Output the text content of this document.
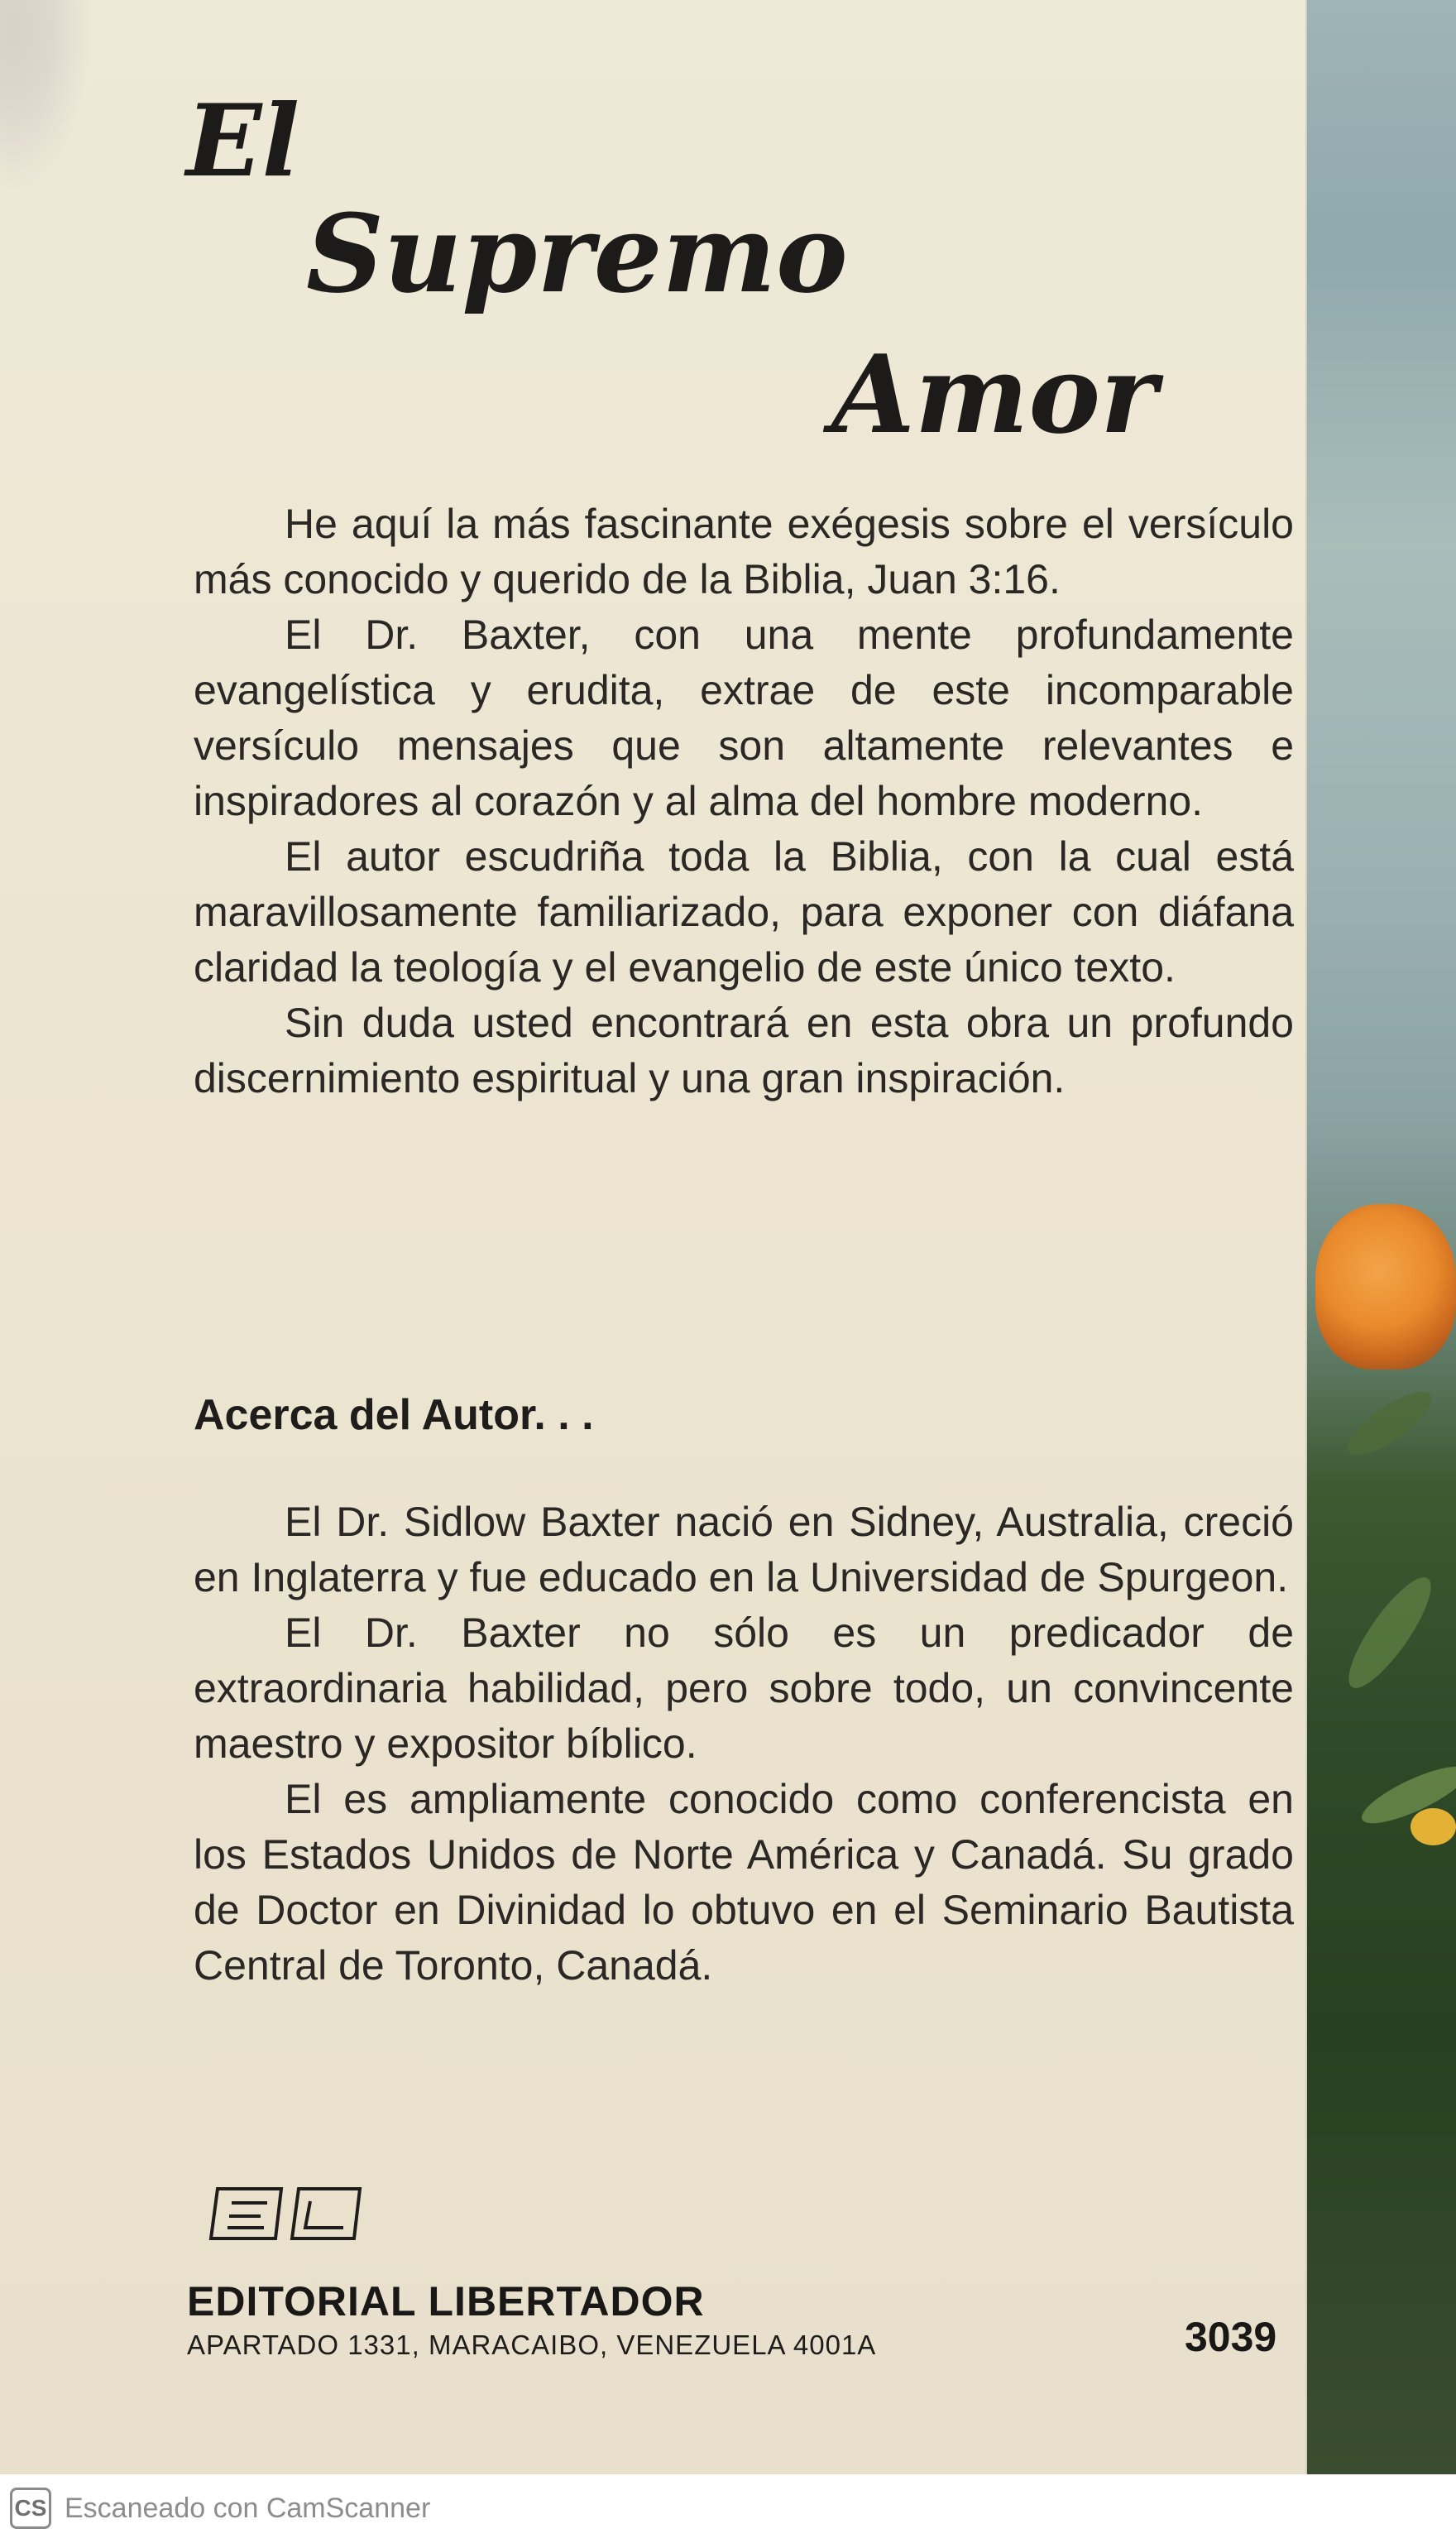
El
Supremo
Amor

He aquí la más fascinante exégesis sobre el versículo más conocido y querido de la Biblia, Juan 3:16.

El Dr. Baxter, con una mente profundamente evangelística y erudita, extrae de este incomparable versículo mensajes que son altamente relevantes e inspiradores al corazón y al alma del hombre moderno.

El autor escudriña toda la Biblia, con la cual está maravillosamente familiarizado, para exponer con diáfana claridad la teología y el evangelio de este único texto.

Sin duda usted encontrará en esta obra un profundo discernimiento espiritual y una gran inspiración.

Acerca del Autor. . .

El Dr. Sidlow Baxter nació en Sidney, Australia, creció en Inglaterra y fue educado en la Universidad de Spurgeon.

El Dr. Baxter no sólo es un predicador de extraordinaria habilidad, pero sobre todo, un convincente maestro y expositor bíblico.

El es ampliamente conocido como conferencista en los Estados Unidos de Norte América y Canadá. Su grado de Doctor en Divinidad lo obtuvo en el Seminario Bautista Central de Toronto, Canadá.

EDITORIAL LIBERTADOR

APARTADO 1331, MARACAIBO, VENEZUELA 4001A	3039

CS Escaneado con CamScanner
